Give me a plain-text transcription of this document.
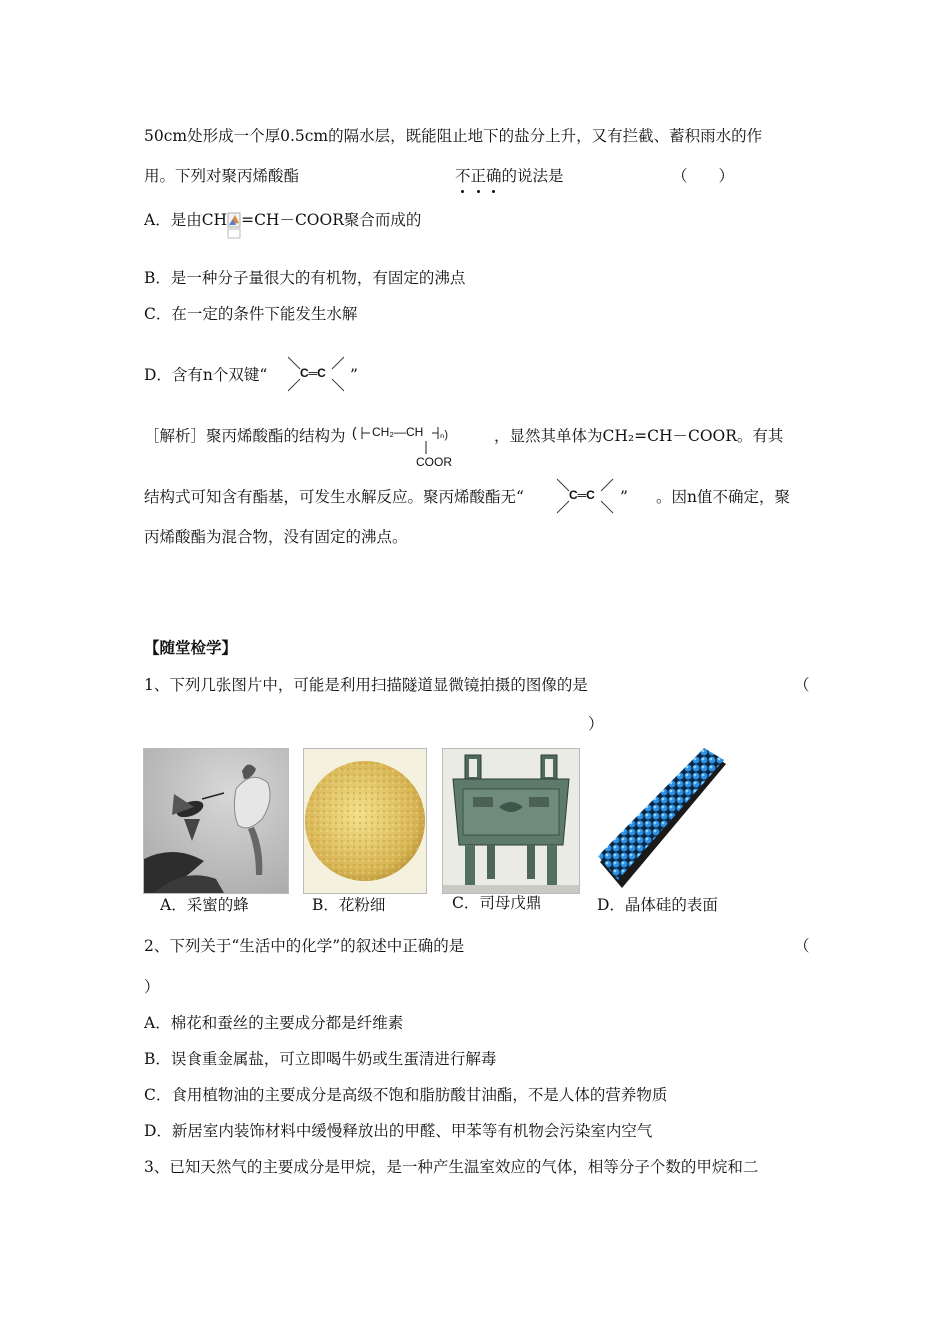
50cm处形成一个厚0.5cm的隔水层，既能阻止地下的盐分上升，又有拦截、蓄积雨水的作
用。下列对聚丙烯酸酯	不正确的说法是	（　　）
A．是由CH =CH－COOR聚合而成的
B．是一种分子量很大的有机物，有固定的沸点
C．在一定的条件下能发生水解
D．含有n个双键“	C═C ”
［解析］聚丙烯酸酯的结构为 ( CH₂—CH ₙ)
COOR
，显然其单体为CH₂=CH－COOR。有其
结构式可知含有酯基，可发生水解反应。聚丙烯酸酯无“	C═C ” 。因n值不确定，聚
丙烯酸酯为混合物，没有固定的沸点。
【随堂检学】
1、下列几张图片中，可能是利用扫描隧道显微镜拍摄的图像的是	（
）
A．采蜜的蜂	B．花粉细	C．司母戊鼎	D．晶体硅的表面
2、下列关于“生活中的化学”的叙述中正确的是	（
）
A．棉花和蚕丝的主要成分都是纤维素
B．误食重金属盐，可立即喝牛奶或生蛋清进行解毒
C．食用植物油的主要成分是高级不饱和脂肪酸甘油酯，不是人体的营养物质
D．新居室内装饰材料中缓慢释放出的甲醛、甲苯等有机物会污染室内空气
3、已知天然气的主要成分是甲烷，是一种产生温室效应的气体，相等分子个数的甲烷和二
